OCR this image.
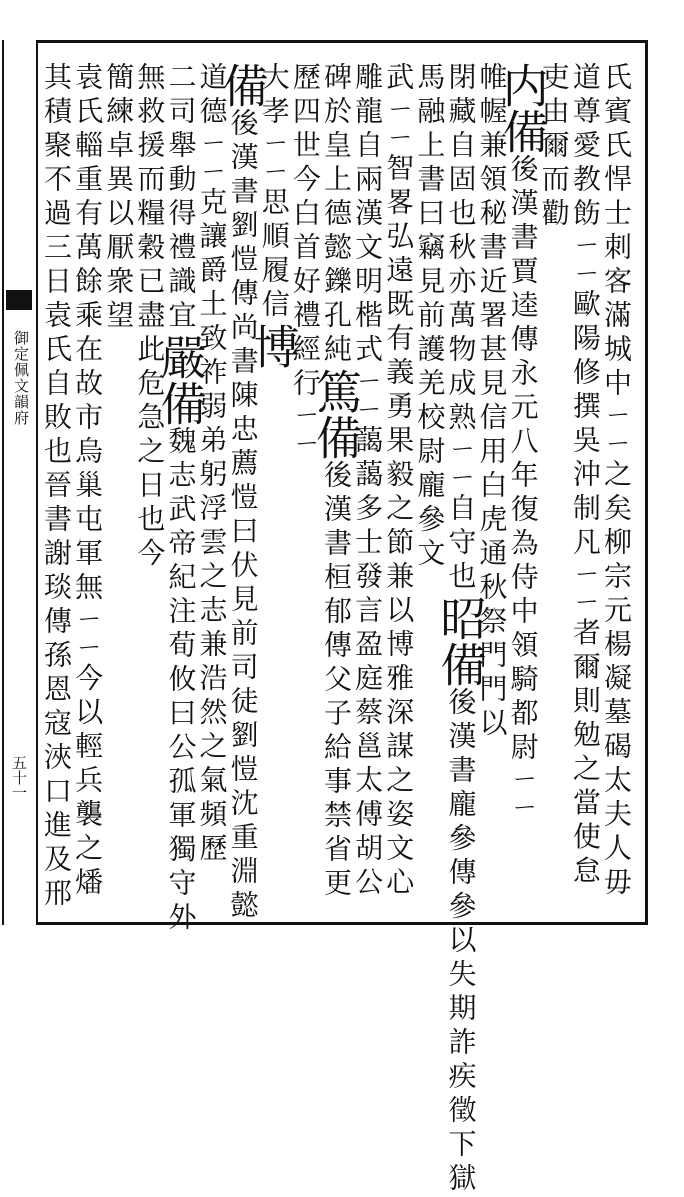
御定佩文韻府
五十一	氏賓氏悍士刺客滿城中ㄧㄧ之矣柳宗元楊凝墓碣太夫人毋
道尊愛教飭ㄧㄧ歐陽修撰吳沖制凡ㄧㄧ者爾則勉之當使怠
吏由爾而勸
内備後漢書賈逵傳永元八年復為侍中領騎都尉ㄧㄧ
帷幄兼領秘書近署甚見信用白虎通秋祭門門以
閉藏自固也秋亦萬物成熟ㄧㄧ自守也昭備後漢書龐參傳參以失期詐疾徵下獄
馬融上書曰竊見前護羌校尉龐參文
武ㄧㄧ智畧弘遠既有義勇果毅之節兼以博雅深謀之姿文心
雕龍自兩漢文明楷式ㄧㄧ藹藹多士發言盈庭蔡邕太傅胡公
碑於皇上德懿鑠孔純篤備後漢書桓郁傳父子給事禁省更
歷四世今白首好禮經行ㄧㄧ
大孝ㄧㄧ思順履信博
備後漢書劉愷傳尚書陳忠薦愷曰伏見前司徒劉愷沈重淵懿
道德ㄧㄧ克讓爵土致祚弱弟躬浮雲之志兼浩然之氣頻歷
二司舉動得禮識宜嚴備魏志武帝紀注荀攸曰公孤軍獨守外
無救援而糧穀已盡此危急之日也今
簡練卓異以厭衆望
袁氏輜重有萬餘乘在故市烏巢屯軍無ㄧㄧ今以輕兵襲之燔
其積聚不過三日袁氏自敗也晉書謝琰傳孫恩寇浹口進及邢
